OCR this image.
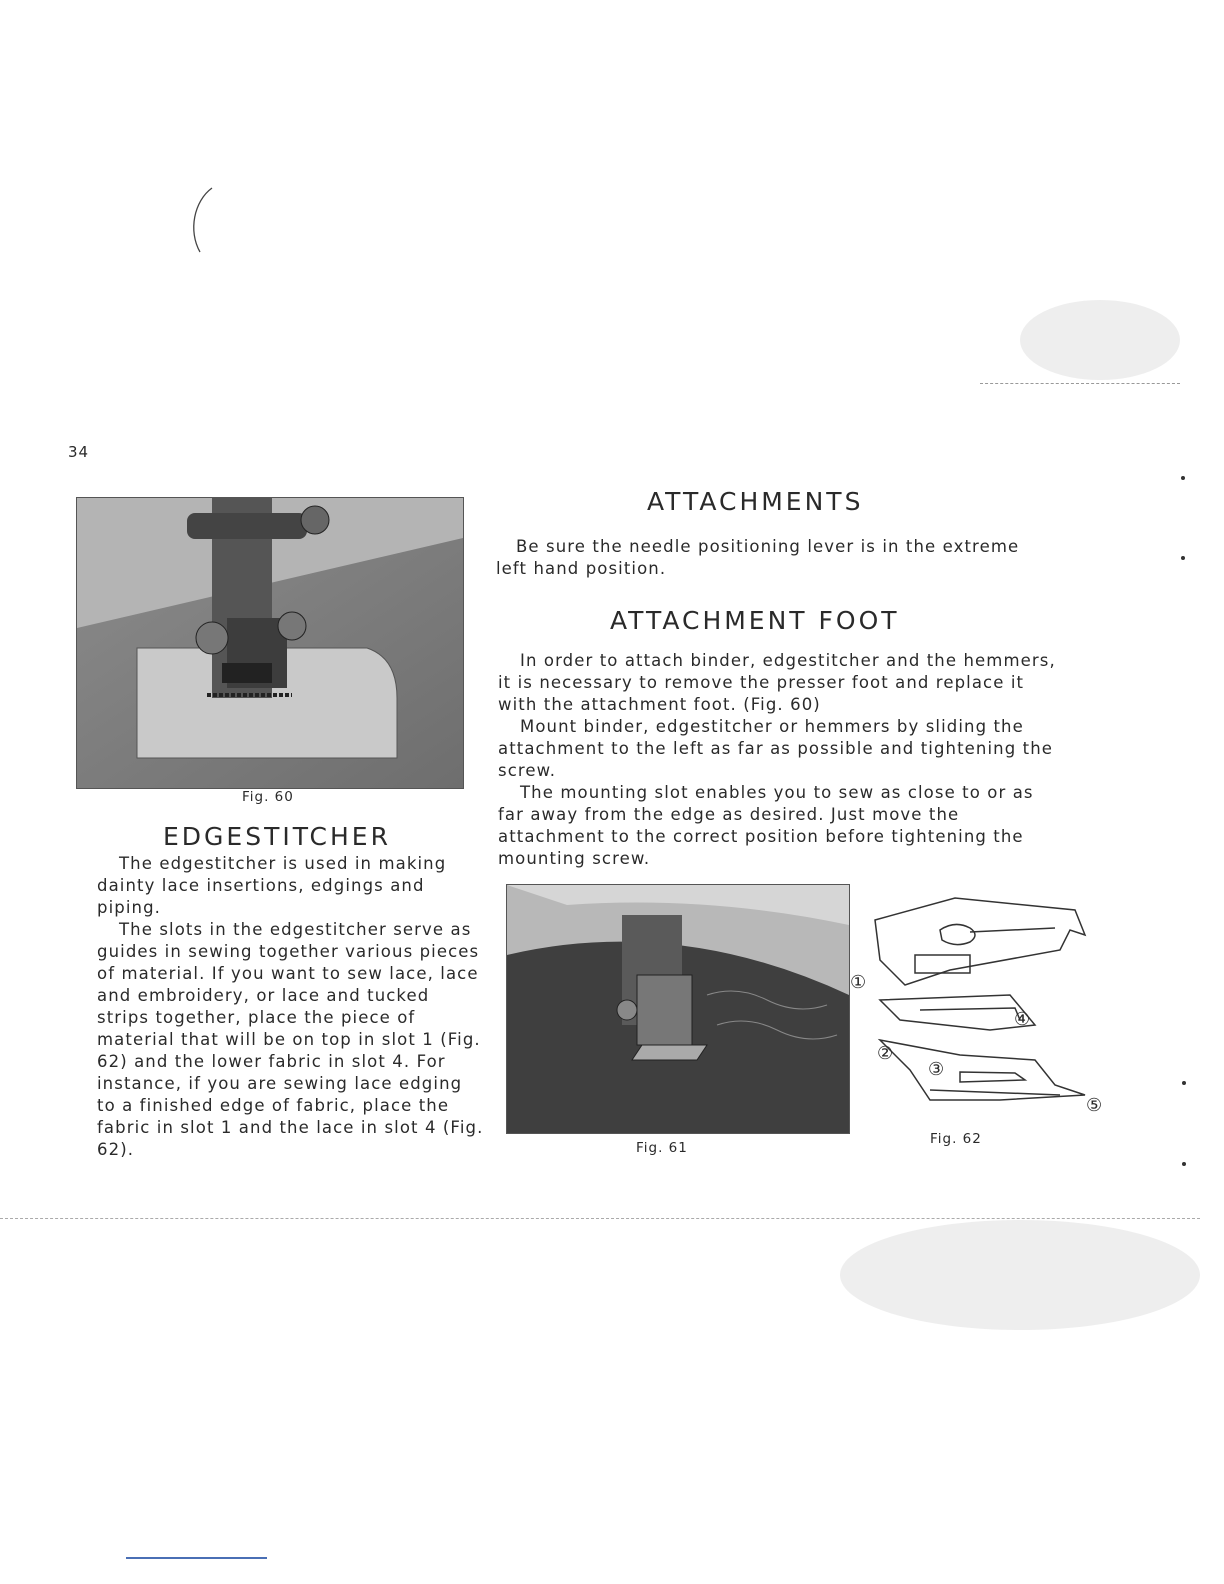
34
Fig. 60
EDGESTITCHER
The edgestitcher is used in making dainty lace insertions, edgings and piping.
The slots in the edgestitcher serve as guides in sewing together various pieces of material. If you want to sew lace, lace and embroidery, or lace and tucked strips together, place the piece of material that will be on top in slot 1 (Fig. 62) and the lower fabric in slot 4. For instance, if you are sewing lace edging to a finished edge of fabric, place the fabric in slot 1 and the lace in slot 4 (Fig. 62).
ATTACHMENTS
Be sure the needle positioning lever is in the extreme left hand position.
ATTACHMENT FOOT
In order to attach binder, edgestitcher and the hemmers, it is necessary to remove the presser foot and replace it with the attachment foot. (Fig. 60)
Mount binder, edgestitcher or hemmers by sliding the attachment to the left as far as possible and tightening the screw.
The mounting slot enables you to sew as close to or as far away from the edge as desired. Just move the attachment to the correct position before tightening the mounting screw.
Fig. 61
①
②
③
④
⑤
Fig. 62
